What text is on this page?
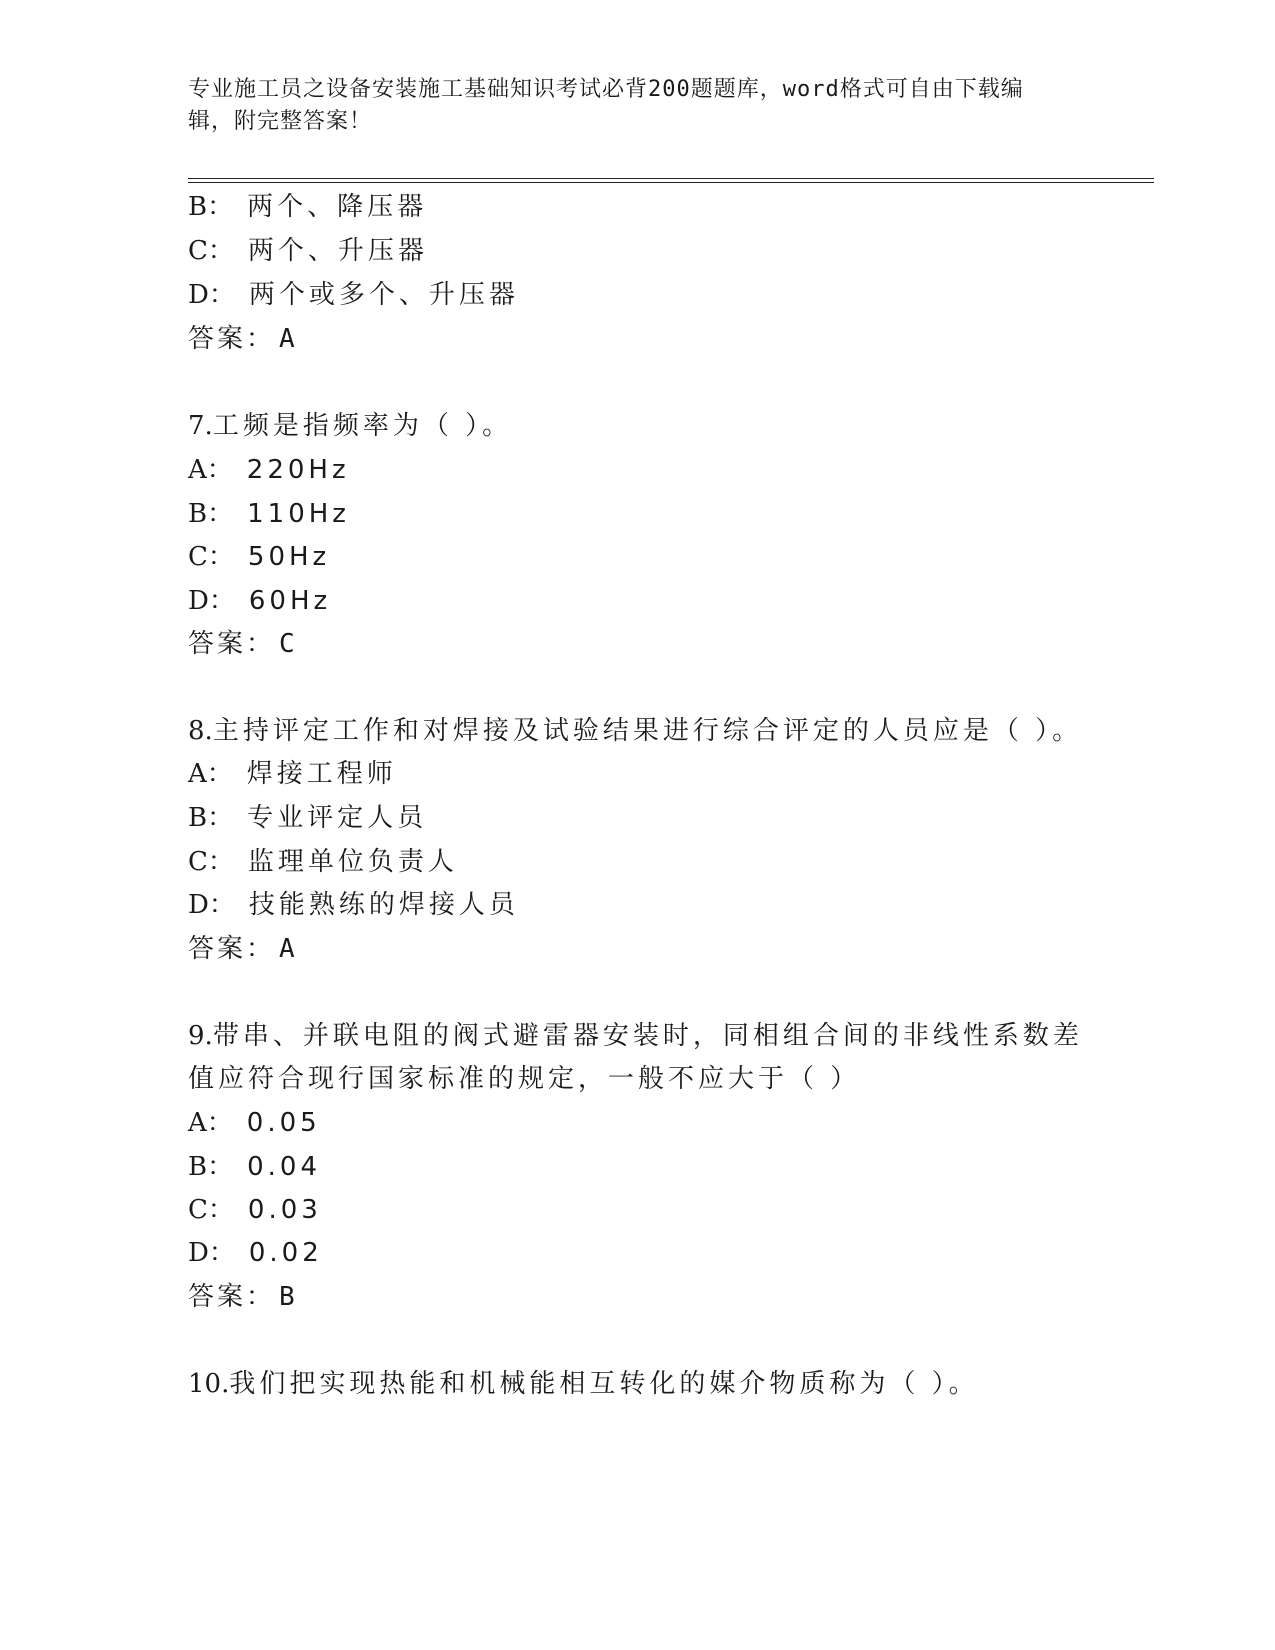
专业施工员之设备安装施工基础知识考试必背200题题库，word格式可自由下载编辑，附完整答案！
B： 两个、降压器
C： 两个、升压器
D： 两个或多个、升压器
答案： A
7.工频是指频率为（ ）。
A： 220Hz
B： 110Hz
C： 50Hz
D： 60Hz
答案： C
8.主持评定工作和对焊接及试验结果进行综合评定的人员应是（ ）。
A： 焊接工程师
B： 专业评定人员
C： 监理单位负责人
D： 技能熟练的焊接人员
答案： A
9.带串、并联电阻的阀式避雷器安装时，同相组合间的非线性系数差
值应符合现行国家标准的规定，一般不应大于（ ）
A： 0.05
B： 0.04
C： 0.03
D： 0.02
答案： B
10.我们把实现热能和机械能相互转化的媒介物质称为（ ）。
